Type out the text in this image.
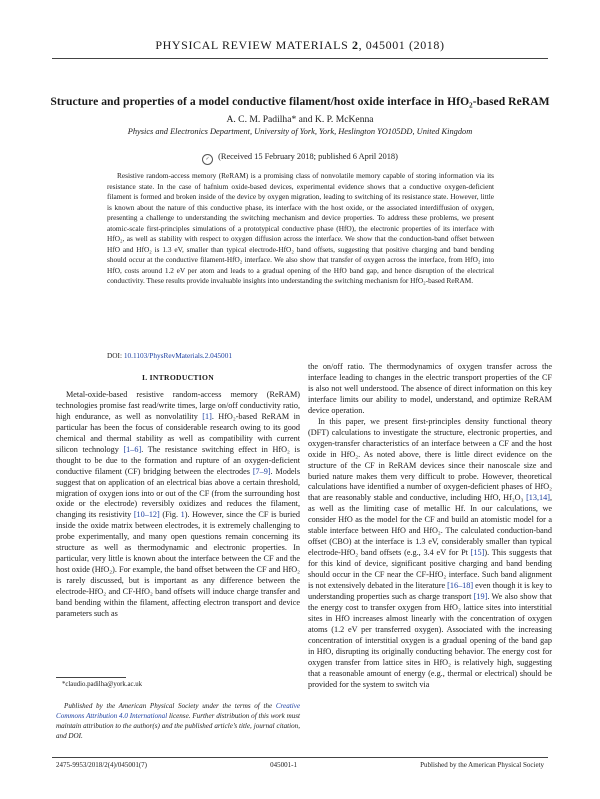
PHYSICAL REVIEW MATERIALS 2, 045001 (2018)
Structure and properties of a model conductive filament/host oxide interface in HfO₂-based ReRAM
A. C. M. Padilha* and K. P. McKenna
Physics and Electronics Department, University of York, York, Heslington YO105DD, United Kingdom
✓ (Received 15 February 2018; published 6 April 2018)
Resistive random-access memory (ReRAM) is a promising class of nonvolatile memory capable of storing information via its resistance state. In the case of hafnium oxide-based devices, experimental evidence shows that a conductive oxygen-deficient filament is formed and broken inside of the device by oxygen migration, leading to switching of its resistance state. However, little is known about the nature of this conductive phase, its interface with the host oxide, or the associated interdiffusion of oxygen, presenting a challenge to understanding the switching mechanism and device properties. To address these problems, we present atomic-scale first-principles simulations of a prototypical conductive phase (HfO), the electronic properties of its interface with HfO₂, as well as stability with respect to oxygen diffusion across the interface. We show that the conduction-band offset between HfO and HfO₂ is 1.3 eV, smaller than typical electrode-HfO₂ band offsets, suggesting that positive charging and band bending should occur at the conductive filament-HfO₂ interface. We also show that transfer of oxygen across the interface, from HfO₂ into HfO, costs around 1.2 eV per atom and leads to a gradual opening of the HfO band gap, and hence disruption of the electrical conductivity. These results provide invaluable insights into understanding the switching mechanism for HfO₂-based ReRAM.
DOI: 10.1103/PhysRevMaterials.2.045001
I. INTRODUCTION

Metal-oxide-based resistive random-access memory (ReRAM) technologies promise fast read/write times, large on/off conductivity ratio, high endurance, as well as nonvolatility [1]. HfO₂-based ReRAM in particular has been the focus of considerable research owing to its good chemical and thermal stability as well as compatibility with current silicon technology [1–6]. The resistance switching effect in HfO₂ is thought to be due to the formation and rupture of an oxygen-deficient conductive filament (CF) bridging between the electrodes [7–9]. Models suggest that on application of an electrical bias above a certain threshold, migration of oxygen ions into or out of the CF (from the surrounding host oxide or the electrode) reversibly oxidizes and reduces the filament, changing its resistivity [10–12] (Fig. 1). However, since the CF is buried inside the oxide matrix between electrodes, it is extremely challenging to probe experimentally, and many open questions remain concerning its structure as well as thermodynamic and electronic properties. In particular, very little is known about the interface between the CF and the host oxide (HfO₂). For example, the band offset between the CF and HfO₂ is rarely discussed, but is important as any difference between the electrode-HfO₂ and CF-HfO₂ band offsets will induce charge transfer and band bending within the filament, affecting electron transport and device parameters such as

the on/off ratio. The thermodynamics of oxygen transfer across the interface leading to changes in the electric transport properties of the CF is also not well understood. The absence of direct information on this key interface limits our ability to model, understand, and optimize ReRAM device operation.

In this paper, we present first-principles density functional theory (DFT) calculations to investigate the structure, electronic properties, and oxygen-transfer characteristics of an interface between a CF and the host oxide in HfO₂. As noted above, there is little direct evidence on the structure of the CF in ReRAM devices since their nanoscale size and buried nature makes them very difficult to probe. However, theoretical calculations have identified a number of oxygen-deficient phases of HfO₂ that are reasonably stable and conductive, including HfO, Hf₂O₃ [13,14], as well as the limiting case of metallic Hf. In our calculations, we consider HfO as the model for the CF and build an atomistic model for a stable interface between HfO and HfO₂. The calculated conduction-band offset (CBO) at the interface is 1.3 eV, considerably smaller than typical electrode-HfO₂ band offsets (e.g., 3.4 eV for Pt [15]). This suggests that for this kind of device, significant positive charging and band bending should occur in the CF near the CF-HfO₂ interface. Such band alignment is not extensively debated in the literature [16–18] even though it is key to understanding properties such as charge transport [19]. We also show that the energy cost to transfer oxygen from HfO₂ lattice sites into interstitial sites in HfO increases almost linearly with the concentration of oxygen atoms (1.2 eV per transferred oxygen). Associated with the increasing concentration of interstitial oxygen is a gradual opening of the band gap in HfO, disrupting its originally conducting behavior. The energy cost for oxygen transfer from lattice sites in HfO₂ is relatively high, suggesting that a reasonable amount of energy (e.g., thermal or electrical) should be provided for the system to switch via

*claudio.padilha@york.ac.uk
Published by the American Physical Society under the terms of the Creative Commons Attribution 4.0 International license. Further distribution of this work must maintain attribution to the author(s) and the published article’s title, journal citation, and DOI.
2475-9953/2018/2(4)/045001(7)	045001-1	Published by the American Physical Society
